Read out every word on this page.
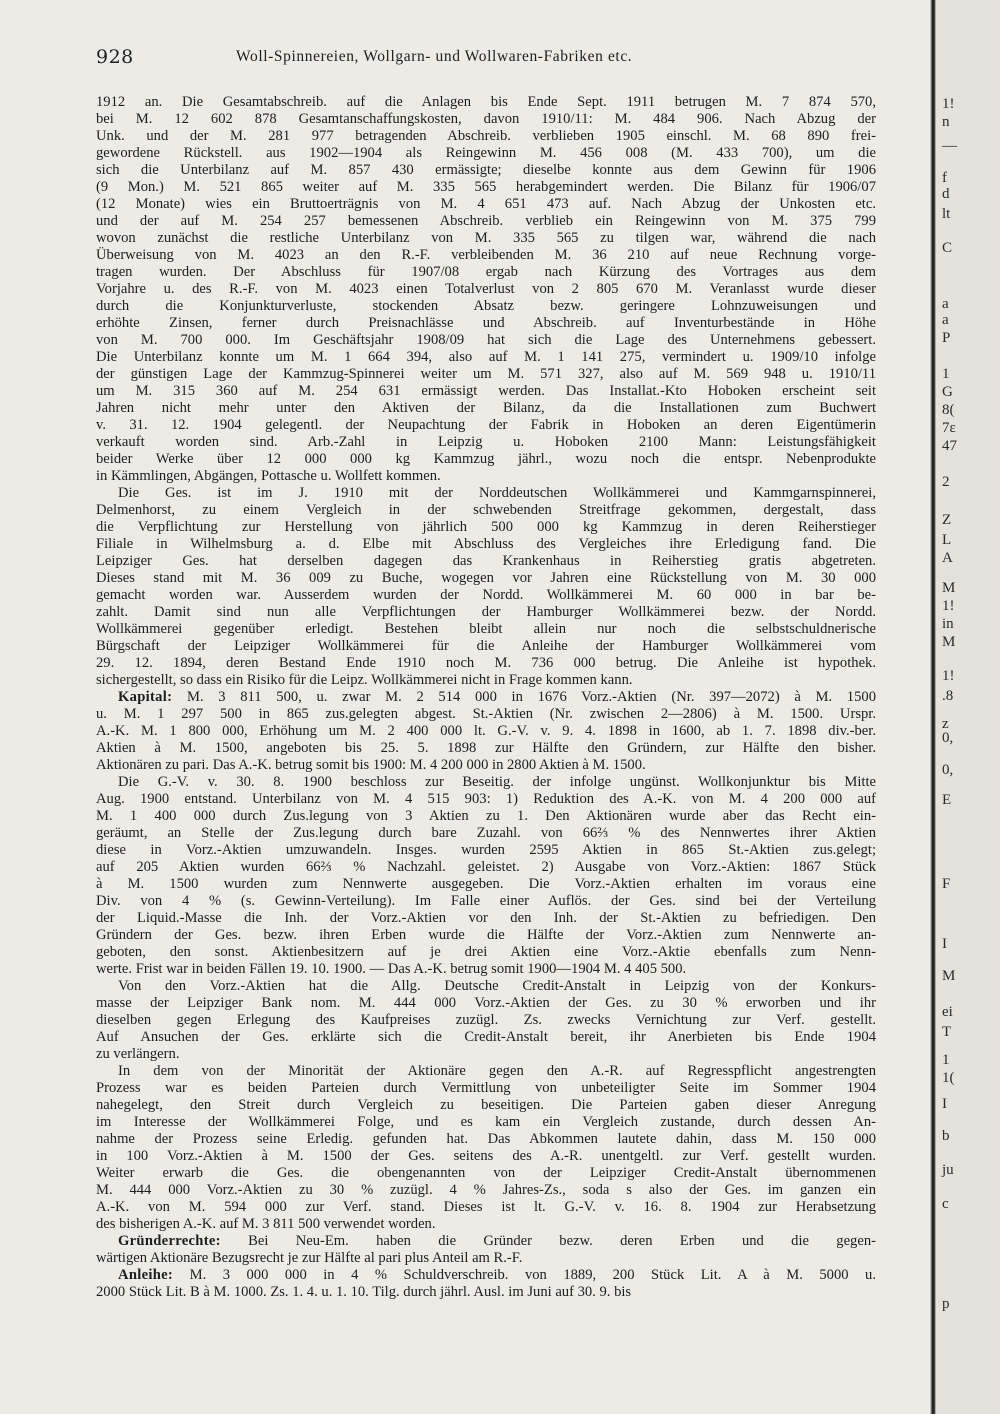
928	Woll-Spinnereien, Wollgarn- und Wollwaren-Fabriken etc.

1912 an. Die Gesamtabschreib. auf die Anlagen bis Ende Sept. 1911 betrugen M. 7 874 570,

bei M. 12 602 878 Gesamtanschaffungskosten, davon 1910/11: M. 484 906. Nach Abzug der

Unk. und der M. 281 977 betragenden Abschreib. verblieben 1905 einschl. M. 68 890 frei-

gewordene Rückstell. aus 1902—1904 als Reingewinn M. 456 008 (M. 433 700), um die

sich die Unterbilanz auf M. 857 430 ermässigte; dieselbe konnte aus dem Gewinn für 1906

(9 Mon.) M. 521 865 weiter auf M. 335 565 herabgemindert werden. Die Bilanz für 1906/07

(12 Monate) wies ein Bruttoerträgnis von M. 4 651 473 auf. Nach Abzug der Unkosten etc.

und der auf M. 254 257 bemessenen Abschreib. verblieb ein Reingewinn von M. 375 799

wovon zunächst die restliche Unterbilanz von M. 335 565 zu tilgen war, während die nach

Überweisung von M. 4023 an den R.-F. verbleibenden M. 36 210 auf neue Rechnung vorge-

tragen wurden. Der Abschluss für 1907/08 ergab nach Kürzung des Vortrages aus dem

Vorjahre u. des R.-F. von M. 4023 einen Totalverlust von 2 805 670 M. Veranlasst wurde dieser

durch die Konjunkturverluste, stockenden Absatz bezw. geringere Lohnzuweisungen und

erhöhte Zinsen, ferner durch Preisnachlässe und Abschreib. auf Inventurbestände in Höhe

von M. 700 000. Im Geschäftsjahr 1908/09 hat sich die Lage des Unternehmens gebessert.

Die Unterbilanz konnte um M. 1 664 394, also auf M. 1 141 275, vermindert u. 1909/10 infolge

der günstigen Lage der Kammzug-Spinnerei weiter um M. 571 327, also auf M. 569 948 u. 1910/11

um M. 315 360 auf M. 254 631 ermässigt werden. Das Installat.-Kto Hoboken erscheint seit

Jahren nicht mehr unter den Aktiven der Bilanz, da die Installationen zum Buchwert

v. 31. 12. 1904 gelegentl. der Neupachtung der Fabrik in Hoboken an deren Eigentümerin

verkauft worden sind. Arb.-Zahl in Leipzig u. Hoboken 2100 Mann: Leistungsfähigkeit

beider Werke über 12 000 000 kg Kammzug jährl., wozu noch die entspr. Nebenprodukte

in Kämmlingen, Abgängen, Pottasche u. Wollfett kommen.

Die Ges. ist im J. 1910 mit der Norddeutschen Wollkämmerei und Kammgarnspinnerei,

Delmenhorst, zu einem Vergleich in der schwebenden Streitfrage gekommen, dergestalt, dass

die Verpflichtung zur Herstellung von jährlich 500 000 kg Kammzug in deren Reiherstieger

Filiale in Wilhelmsburg a. d. Elbe mit Abschluss des Vergleiches ihre Erledigung fand. Die

Leipziger Ges. hat derselben dagegen das Krankenhaus in Reiherstieg gratis abgetreten.

Dieses stand mit M. 36 009 zu Buche, wogegen vor Jahren eine Rückstellung von M. 30 000

gemacht worden war. Ausserdem wurden der Nordd. Wollkämmerei M. 60 000 in bar be-

zahlt. Damit sind nun alle Verpflichtungen der Hamburger Wollkämmerei bezw. der Nordd.

Wollkämmerei gegenüber erledigt. Bestehen bleibt allein nur noch die selbstschuldnerische

Bürgschaft der Leipziger Wollkämmerei für die Anleihe der Hamburger Wollkämmerei vom

29. 12. 1894, deren Bestand Ende 1910 noch M. 736 000 betrug. Die Anleihe ist hypothek.

sichergestellt, so dass ein Risiko für die Leipz. Wollkämmerei nicht in Frage kommen kann.

Kapital: M. 3 811 500, u. zwar M. 2 514 000 in 1676 Vorz.-Aktien (Nr. 397—2072) à M. 1500

u. M. 1 297 500 in 865 zus.gelegten abgest. St.-Aktien (Nr. zwischen 2—2806) à M. 1500. Urspr.

A.-K. M. 1 800 000, Erhöhung um M. 2 400 000 lt. G.-V. v. 9. 4. 1898 in 1600, ab 1. 7. 1898 div.-ber.

Aktien à M. 1500, angeboten bis 25. 5. 1898 zur Hälfte den Gründern, zur Hälfte den bisher.

Aktionären zu pari. Das A.-K. betrug somit bis 1900: M. 4 200 000 in 2800 Aktien à M. 1500.

Die G.-V. v. 30. 8. 1900 beschloss zur Beseitig. der infolge ungünst. Wollkonjunktur bis Mitte

Aug. 1900 entstand. Unterbilanz von M. 4 515 903: 1) Reduktion des A.-K. von M. 4 200 000 auf

M. 1 400 000 durch Zus.legung von 3 Aktien zu 1. Den Aktionären wurde aber das Recht ein-

geräumt, an Stelle der Zus.legung durch bare Zuzahl. von 66⅔ % des Nennwertes ihrer Aktien

diese in Vorz.-Aktien umzuwandeln. Insges. wurden 2595 Aktien in 865 St.-Aktien zus.gelegt;

auf 205 Aktien wurden 66⅔ % Nachzahl. geleistet. 2) Ausgabe von Vorz.-Aktien: 1867 Stück

à M. 1500 wurden zum Nennwerte ausgegeben. Die Vorz.-Aktien erhalten im voraus eine

Div. von 4 % (s. Gewinn-Verteilung). Im Falle einer Auflös. der Ges. sind bei der Verteilung

der Liquid.-Masse die Inh. der Vorz.-Aktien vor den Inh. der St.-Aktien zu befriedigen. Den

Gründern der Ges. bezw. ihren Erben wurde die Hälfte der Vorz.-Aktien zum Nennwerte an-

geboten, den sonst. Aktienbesitzern auf je drei Aktien eine Vorz.-Aktie ebenfalls zum Nenn-

werte. Frist war in beiden Fällen 19. 10. 1900. — Das A.-K. betrug somit 1900—1904 M. 4 405 500.

Von den Vorz.-Aktien hat die Allg. Deutsche Credit-Anstalt in Leipzig von der Konkurs-

masse der Leipziger Bank nom. M. 444 000 Vorz.-Aktien der Ges. zu 30 % erworben und ihr

dieselben gegen Erlegung des Kaufpreises zuzügl. Zs. zwecks Vernichtung zur Verf. gestellt.

Auf Ansuchen der Ges. erklärte sich die Credit-Anstalt bereit, ihr Anerbieten bis Ende 1904

zu verlängern.

In dem von der Minorität der Aktionäre gegen den A.-R. auf Regresspflicht angestrengten

Prozess war es beiden Parteien durch Vermittlung von unbeteiligter Seite im Sommer 1904

nahegelegt, den Streit durch Vergleich zu beseitigen. Die Parteien gaben dieser Anregung

im Interesse der Wollkämmerei Folge, und es kam ein Vergleich zustande, durch dessen An-

nahme der Prozess seine Erledig. gefunden hat. Das Abkommen lautete dahin, dass M. 150 000

in 100 Vorz.-Aktien à M. 1500 der Ges. seitens des A.-R. unentgeltl. zur Verf. gestellt wurden.

Weiter erwarb die Ges. die obengenannten von der Leipziger Credit-Anstalt übernommenen

M. 444 000 Vorz.-Aktien zu 30 % zuzügl. 4 % Jahres-Zs., soda s also der Ges. im ganzen ein

A.-K. von M. 594 000 zur Verf. stand. Dieses ist lt. G.-V. v. 16. 8. 1904 zur Herabsetzung

des bisherigen A.-K. auf M. 3 811 500 verwendet worden.

Gründerrechte: Bei Neu-Em. haben die Gründer bezw. deren Erben und die gegen-

wärtigen Aktionäre Bezugsrecht je zur Hälfte al pari plus Anteil am R.-F.

Anleihe: M. 3 000 000 in 4 % Schuldverschreib. von 1889, 200 Stück Lit. A à M. 5000 u.

2000 Stück Lit. B à M. 1000. Zs. 1. 4. u. 1. 10. Tilg. durch jährl. Ausl. im Juni auf 30. 9. bis

1!
n
—
f
d
lt
C
a
a
P
1
G
8(
7ε
47
2
Z
L
A
M
1!
in
M
1!
.8
z
0,
0,
E
F
I
M
ei
T
1
1(
I
b
ju
c
p
